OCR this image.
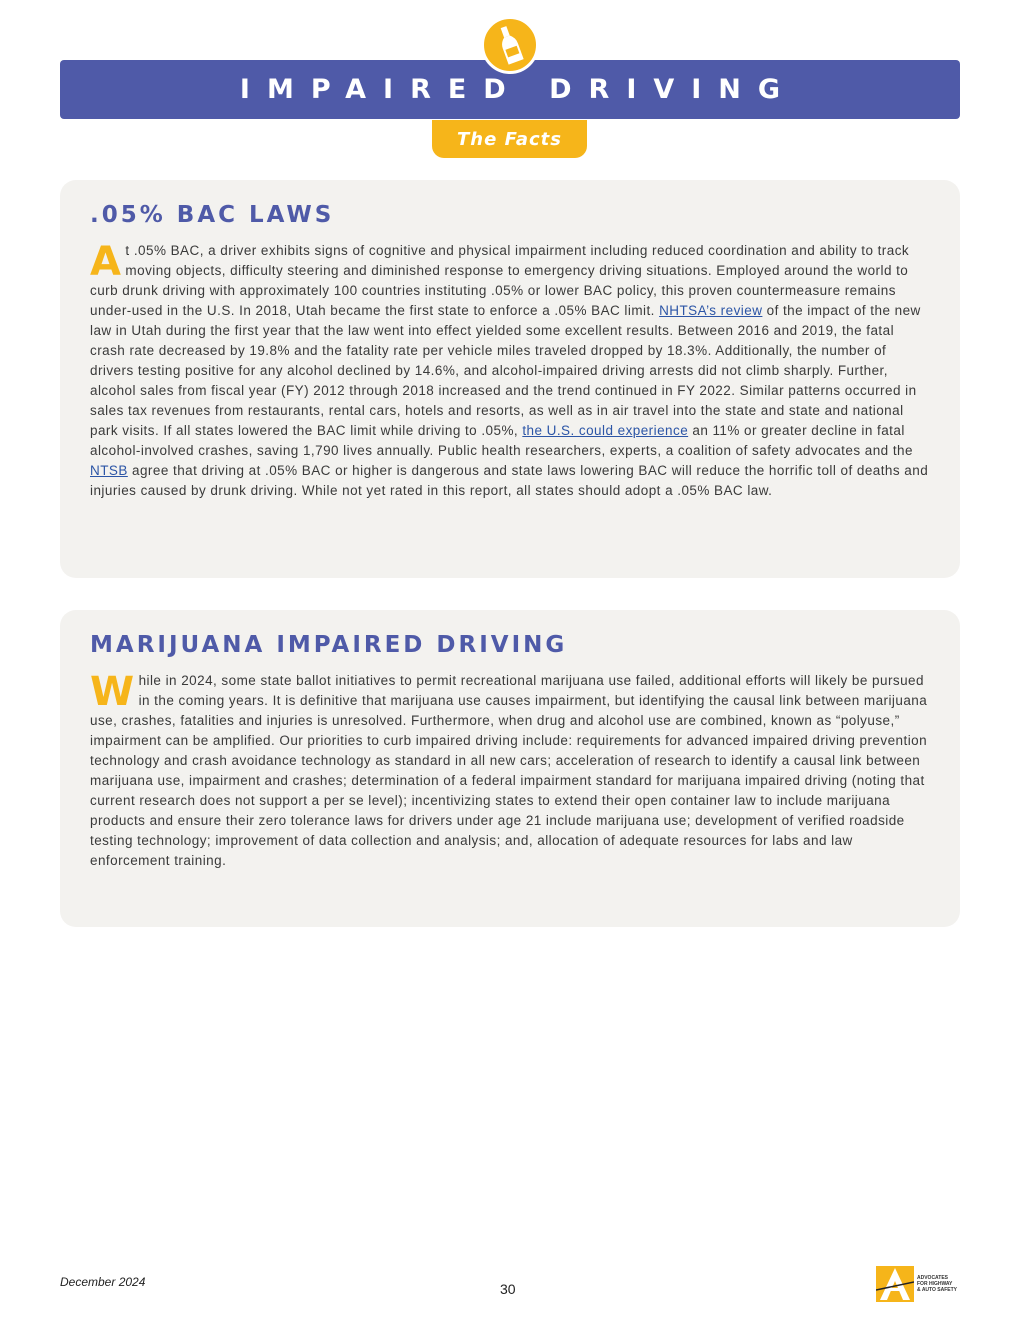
IMPAIRED DRIVING
The Facts
.05% BAC LAWS

At .05% BAC, a driver exhibits signs of cognitive and physical impairment including reduced coordination and ability to track moving objects, difficulty steering and diminished response to emergency driving situations. Employed around the world to curb drunk driving with approximately 100 countries instituting .05% or lower BAC policy, this proven countermeasure remains under-used in the U.S. In 2018, Utah became the first state to enforce a .05% BAC limit. NHTSA’s review of the impact of the new law in Utah during the first year that the law went into effect yielded some excellent results. Between 2016 and 2019, the fatal crash rate decreased by 19.8% and the fatality rate per vehicle miles traveled dropped by 18.3%. Additionally, the number of drivers testing positive for any alcohol declined by 14.6%, and alcohol-impaired driving arrests did not climb sharply. Further, alcohol sales from fiscal year (FY) 2012 through 2018 increased and the trend continued in FY 2022. Similar patterns occurred in sales tax revenues from restaurants, rental cars, hotels and resorts, as well as in air travel into the state and state and national park visits. If all states lowered the BAC limit while driving to .05%, the U.S. could experience an 11% or greater decline in fatal alcohol-involved crashes, saving 1,790 lives annually. Public health researchers, experts, a coalition of safety advocates and the NTSB agree that driving at .05% BAC or higher is dangerous and state laws lowering BAC will reduce the horrific toll of deaths and injuries caused by drunk driving. While not yet rated in this report, all states should adopt a .05% BAC law.

MARIJUANA IMPAIRED DRIVING

While in 2024, some state ballot initiatives to permit recreational marijuana use failed, additional efforts will likely be pursued in the coming years. It is definitive that marijuana use causes impairment, but identifying the causal link between marijuana use, crashes, fatalities and injuries is unresolved. Furthermore, when drug and alcohol use are combined, known as “polyuse,” impairment can be amplified. Our priorities to curb impaired driving include: requirements for advanced impaired driving prevention technology and crash avoidance technology as standard in all new cars; acceleration of research to identify a causal link between marijuana use, impairment and crashes; determination of a federal impairment standard for marijuana impaired driving (noting that current research does not support a per se level); incentivizing states to extend their open container law to include marijuana products and ensure their zero tolerance laws for drivers under age 21 include marijuana use; development of verified roadside testing technology; improvement of data collection and analysis; and, allocation of adequate resources for labs and law enforcement training.

December 2024	30
ADVOCATES
FOR HIGHWAY
& AUTO SAFETY
